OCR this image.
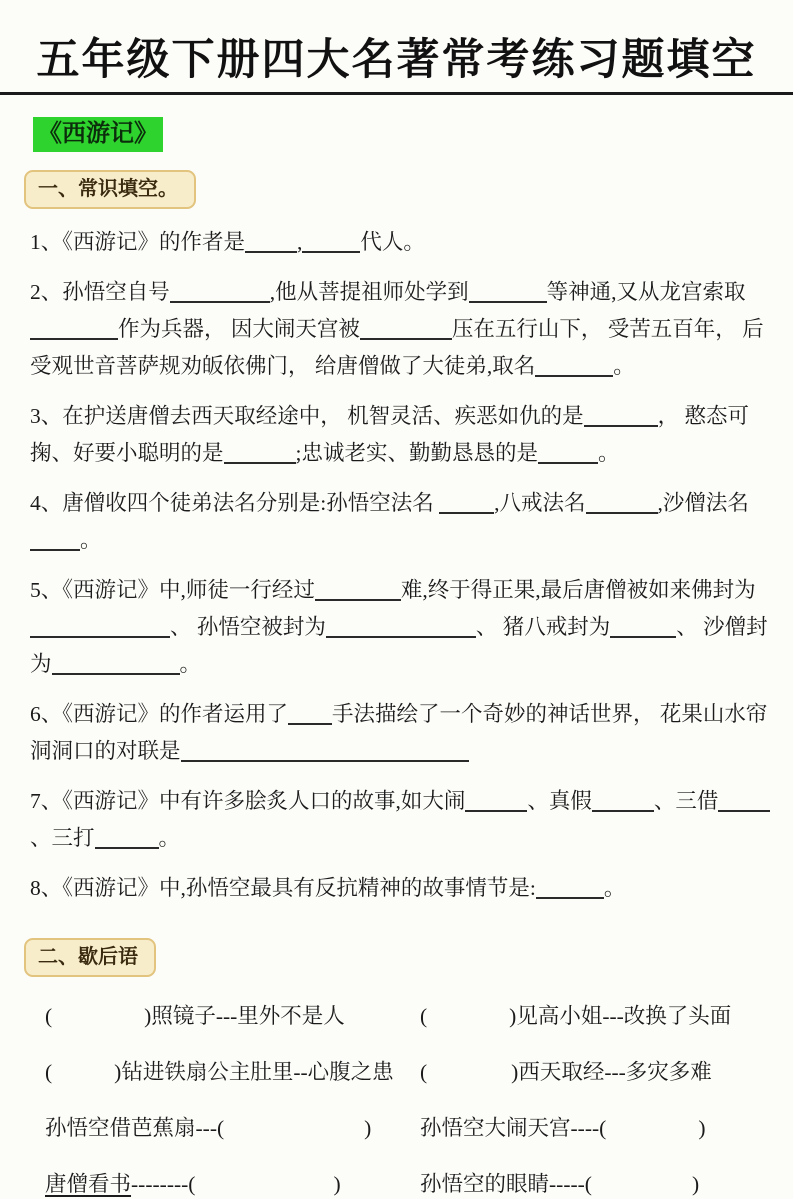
五年级下册四大名著常考练习题填空
《西游记》
一、常识填空。

1、《西游记》的作者是 ,	代人。

2、孙悟空自号	,他从菩提祖师处学到	等神通,又从龙宫索取作为兵器， 因大闹天宫被	压在五行山下， 受苦五百年， 后受观世音菩萨规劝皈依佛门， 给唐僧做了大徒弟,取名	。

3、在护送唐僧去西天取经途中， 机智灵活、疾恶如仇的是	， 憨态可掬、好要小聪明的是	;忠诚老实、勤勤恳恳的是	。

4、唐僧收四个徒弟法名分别是:孙悟空法名	,八戒法名	,沙僧法名。

5、《西游记》中,师徒一行经过	难,终于得正果,最后唐僧被如来佛封为、 孙悟空被封为	、 猪八戒封为	、 沙僧封为	。

6、《西游记》的作者运用了 手法描绘了一个奇妙的神话世界， 花果山水帘洞洞口的对联是

7、《西游记》中有许多脍炙人口的故事,如大闹	、真假	、三借、三打	。

8、《西游记》中,孙悟空最具有反抗精神的故事情节是:	。

二、歇后语
(	)照镜子---里外不是人	(	)见高小姐---改换了头面
(	)钻进铁扇公主肚里--心腹之患	(	)西天取经---多灾多难
孙悟空借芭蕉扇---(	)	孙悟空大闹天宫----(	)
唐僧看书--------(	)	孙悟空的眼睛-----(	)
